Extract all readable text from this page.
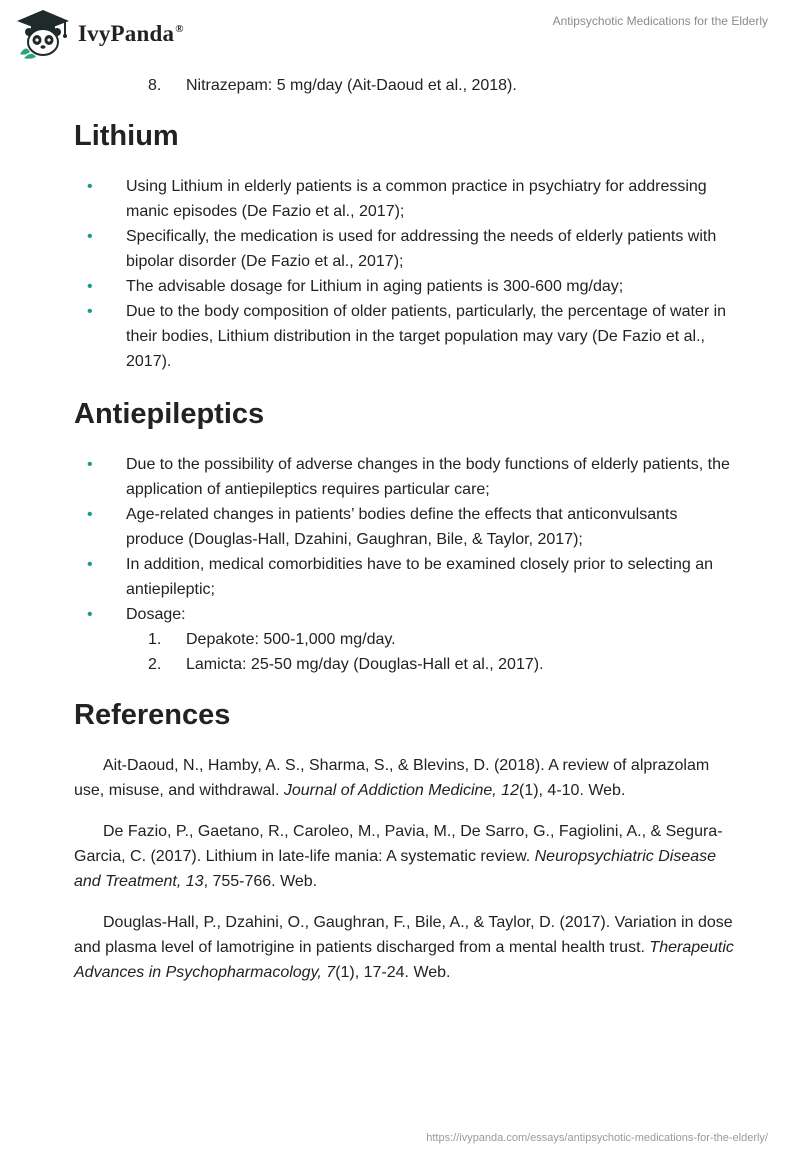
IvyPanda®
Antipsychotic Medications for the Elderly
8. Nitrazepam: 5 mg/day (Ait-Daoud et al., 2018).
Lithium
• Using Lithium in elderly patients is a common practice in psychiatry for addressing manic episodes (De Fazio et al., 2017);
• Specifically, the medication is used for addressing the needs of elderly patients with bipolar disorder (De Fazio et al., 2017);
• The advisable dosage for Lithium in aging patients is 300-600 mg/day;
• Due to the body composition of older patients, particularly, the percentage of water in their bodies, Lithium distribution in the target population may vary (De Fazio et al., 2017).
Antiepileptics
• Due to the possibility of adverse changes in the body functions of elderly patients, the application of antiepileptics requires particular care;
• Age-related changes in patients’ bodies define the effects that anticonvulsants produce (Douglas-Hall, Dzahini, Gaughran, Bile, & Taylor, 2017);
• In addition, medical comorbidities have to be examined closely prior to selecting an antiepileptic;
• Dosage:
1. Depakote: 500-1,000 mg/day.
2. Lamicta: 25-50 mg/day (Douglas-Hall et al., 2017).
References

Ait-Daoud, N., Hamby, A. S., Sharma, S., & Blevins, D. (2018). A review of alprazolam use, misuse, and withdrawal. Journal of Addiction Medicine, 12(1), 4-10. Web.

De Fazio, P., Gaetano, R., Caroleo, M., Pavia, M., De Sarro, G., Fagiolini, A., & Segura-Garcia, C. (2017). Lithium in late-life mania: A systematic review. Neuropsychiatric Disease and Treatment, 13, 755-766. Web.

Douglas-Hall, P., Dzahini, O., Gaughran, F., Bile, A., & Taylor, D. (2017). Variation in dose and plasma level of lamotrigine in patients discharged from a mental health trust. Therapeutic Advances in Psychopharmacology, 7(1), 17-24. Web.

https://ivypanda.com/essays/antipsychotic-medications-for-the-elderly/
